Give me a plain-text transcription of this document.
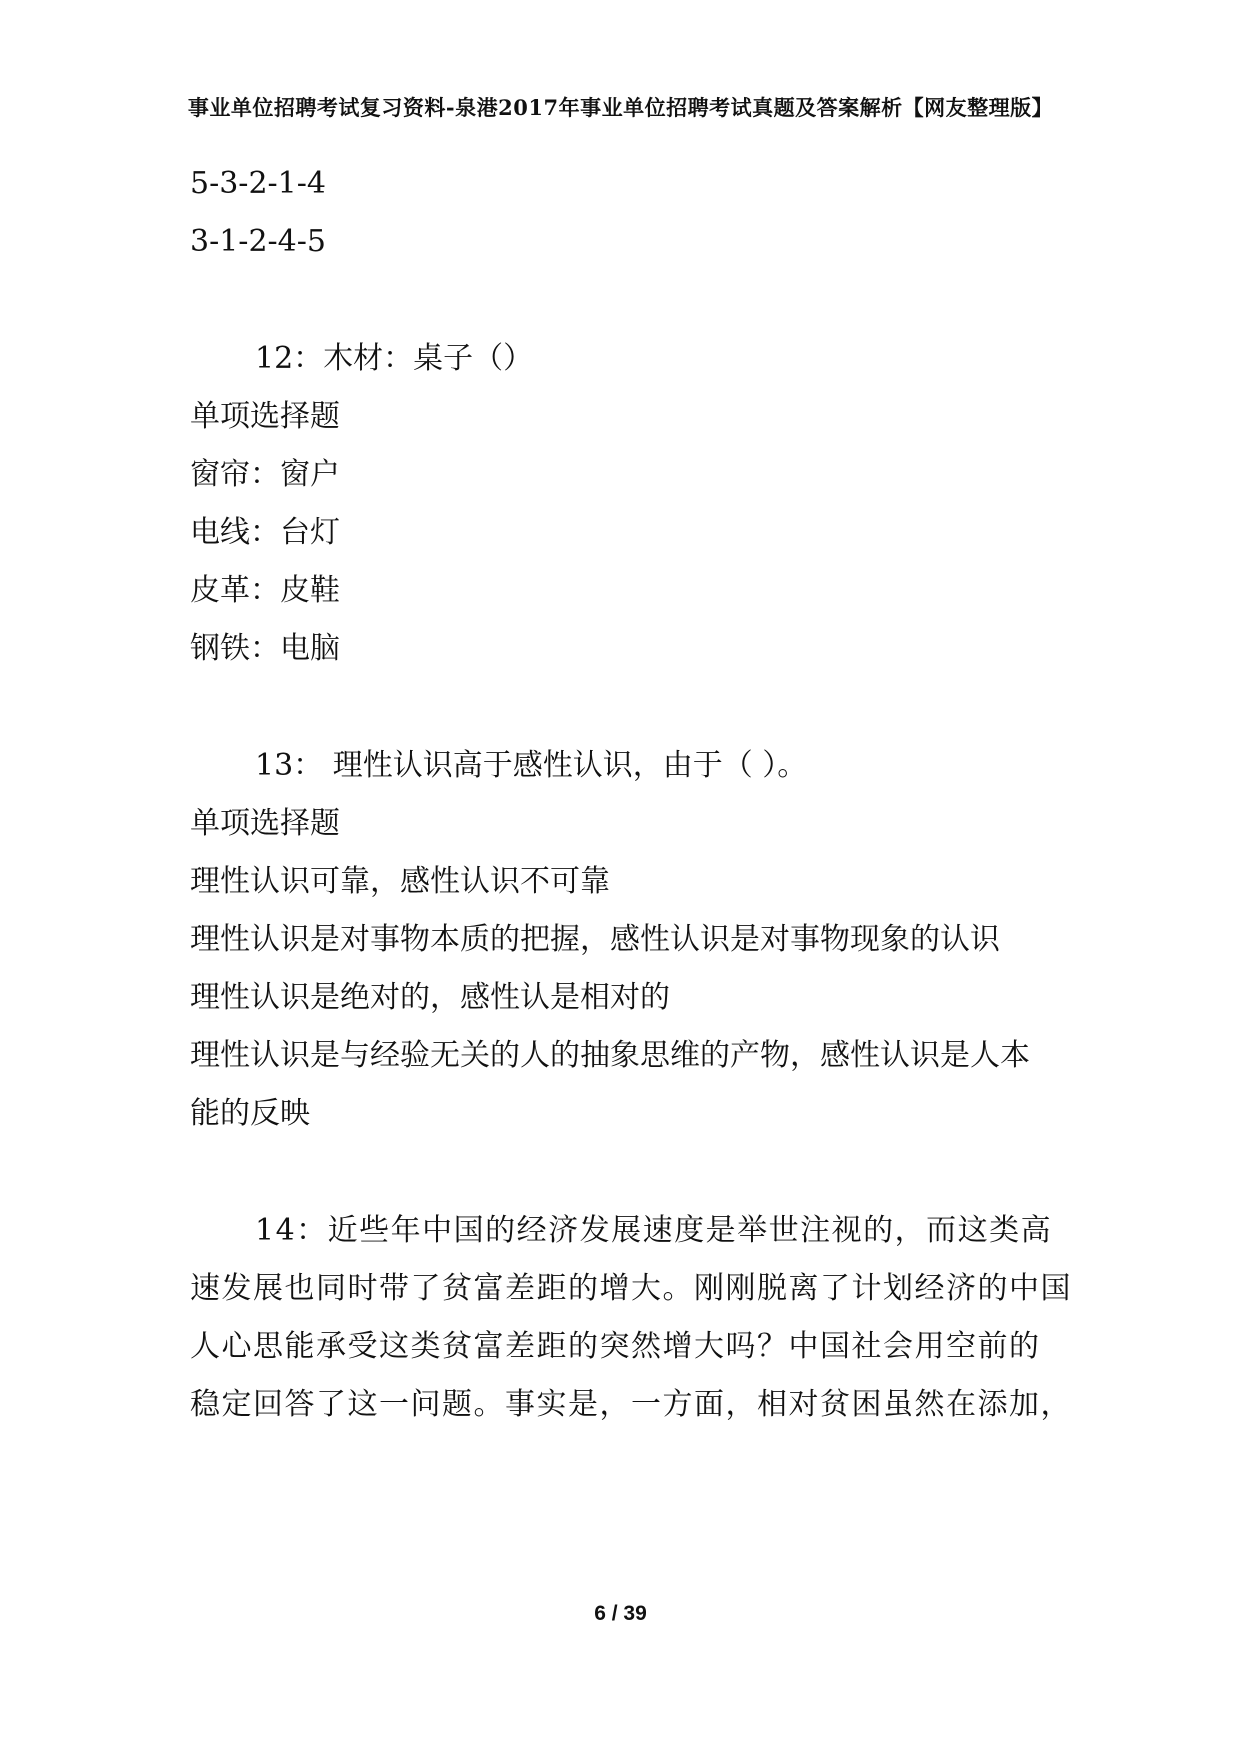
事业单位招聘考试复习资料-泉港2017年事业单位招聘考试真题及答案解析【网友整理版】
5-3-2-1-4
3-1-2-4-5
12：木材：桌子（）
单项选择题
窗帘：窗户
电线：台灯
皮革：皮鞋
钢铁：电脑
13： 理性认识高于感性认识，由于（ ）。
单项选择题
理性认识可靠，感性认识不可靠
理性认识是对事物本质的把握，感性认识是对事物现象的认识
理性认识是绝对的，感性认是相对的
理性认识是与经验无关的人的抽象思维的产物，感性认识是人本
能的反映
14：近些年中国的经济发展速度是举世注视的，而这类高
速发展也同时带了贫富差距的增大。刚刚脱离了计划经济的中国
人心思能承受这类贫富差距的突然增大吗？中国社会用空前的
稳定回答了这一问题。事实是，一方面，相对贫困虽然在添加，
6 / 39
